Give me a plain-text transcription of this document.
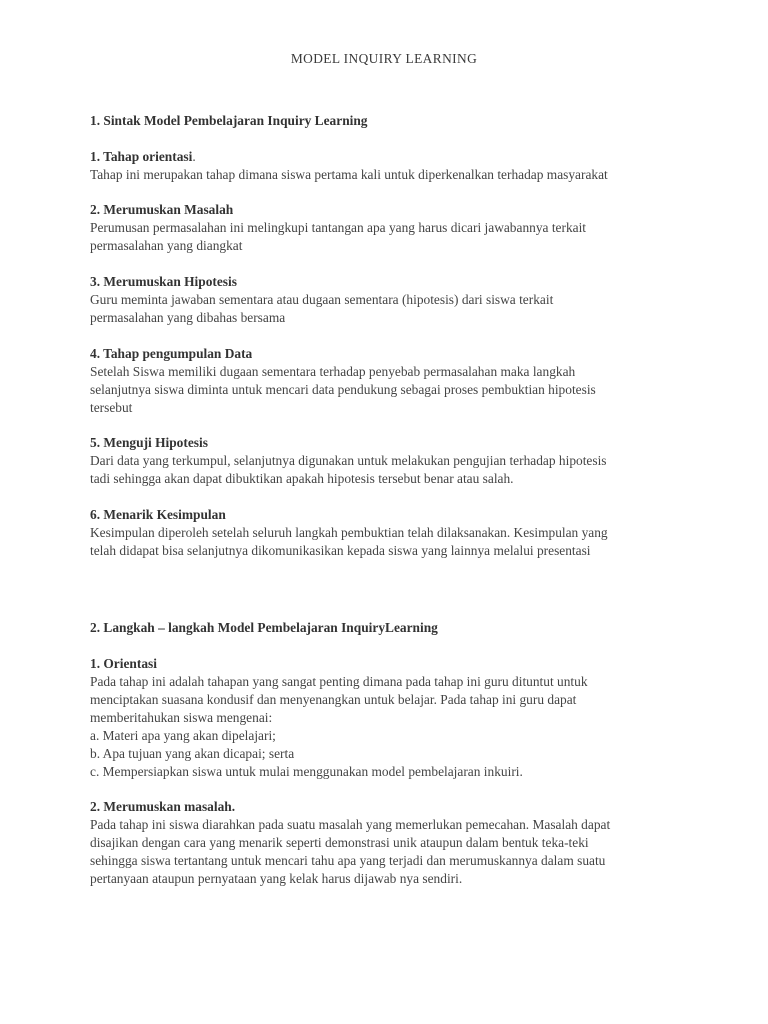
MODEL INQUIRY LEARNING
1. Sintak Model Pembelajaran Inquiry Learning
1. Tahap orientasi.
Tahap ini merupakan tahap dimana siswa pertama kali untuk diperkenalkan terhadap masyarakat
2. Merumuskan Masalah
Perumusan permasalahan ini melingkupi tantangan apa yang harus dicari jawabannya terkait
permasalahan yang diangkat
3. Merumuskan Hipotesis
Guru meminta jawaban sementara atau dugaan sementara (hipotesis) dari siswa terkait
permasalahan yang dibahas bersama
4. Tahap pengumpulan Data
Setelah Siswa memiliki dugaan sementara terhadap penyebab permasalahan maka langkah
selanjutnya siswa diminta untuk mencari data pendukung sebagai proses pembuktian hipotesis
tersebut
5. Menguji Hipotesis
Dari data yang terkumpul, selanjutnya digunakan untuk melakukan pengujian terhadap hipotesis
tadi sehingga akan dapat dibuktikan apakah hipotesis tersebut benar atau salah.
6. Menarik Kesimpulan
Kesimpulan diperoleh setelah seluruh langkah pembuktian telah dilaksanakan. Kesimpulan yang
telah didapat bisa selanjutnya dikomunikasikan kepada siswa yang lainnya melalui presentasi
2. Langkah – langkah Model Pembelajaran InquiryLearning
1. Orientasi
Pada tahap ini adalah tahapan yang sangat penting dimana pada tahap ini guru dituntut untuk
menciptakan suasana kondusif dan menyenangkan untuk belajar. Pada tahap ini guru dapat
memberitahukan siswa mengenai:
a. Materi apa yang akan dipelajari;
b. Apa tujuan yang akan dicapai; serta
c. Mempersiapkan siswa untuk mulai menggunakan model pembelajaran inkuiri.
2. Merumuskan masalah.
Pada tahap ini siswa diarahkan pada suatu masalah yang memerlukan pemecahan. Masalah dapat
disajikan dengan cara yang menarik seperti demonstrasi unik ataupun dalam bentuk teka-teki
sehingga siswa tertantang untuk mencari tahu apa yang terjadi dan merumuskannya dalam suatu
pertanyaan ataupun pernyataan yang kelak harus dijawab nya sendiri.
